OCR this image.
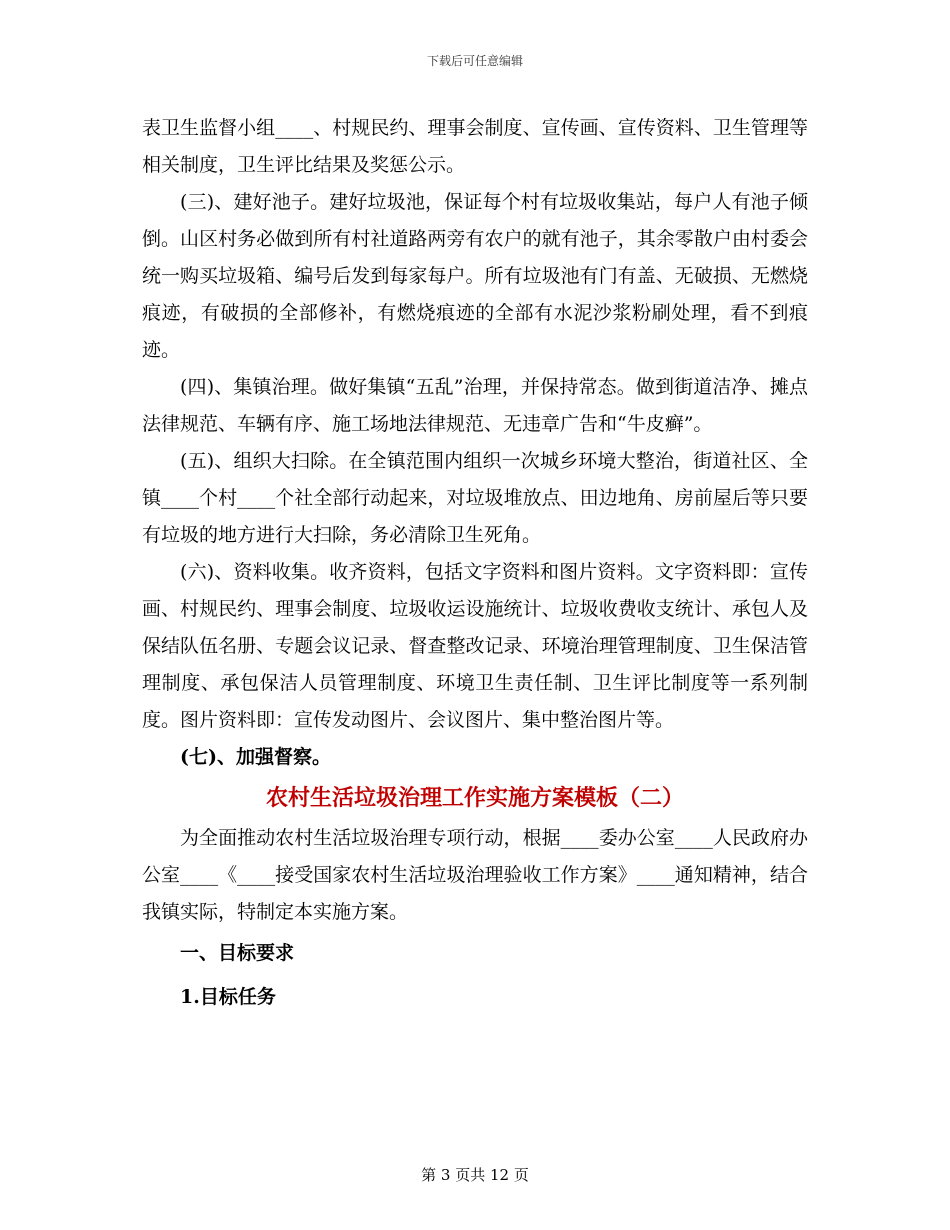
下载后可任意编辑

表卫生监督小组____、村规民约、理事会制度、宣传画、宣传资料、卫生管理等相关制度，卫生评比结果及奖惩公示。

(三)、建好池子。建好垃圾池，保证每个村有垃圾收集站，每户人有池子倾倒。山区村务必做到所有村社道路两旁有农户的就有池子，其余零散户由村委会统一购买垃圾箱、编号后发到每家每户。所有垃圾池有门有盖、无破损、无燃烧痕迹，有破损的全部修补，有燃烧痕迹的全部有水泥沙浆粉刷处理，看不到痕迹。

(四)、集镇治理。做好集镇“五乱”治理，并保持常态。做到街道洁净、摊点法律规范、车辆有序、施工场地法律规范、无违章广告和“牛皮癣”。

(五)、组织大扫除。在全镇范围内组织一次城乡环境大整治，街道社区、全镇____个村____个社全部行动起来，对垃圾堆放点、田边地角、房前屋后等只要有垃圾的地方进行大扫除，务必清除卫生死角。

(六)、资料收集。收齐资料，包括文字资料和图片资料。文字资料即：宣传画、村规民约、理事会制度、垃圾收运设施统计、垃圾收费收支统计、承包人及保结队伍名册、专题会议记录、督查整改记录、环境治理管理制度、卫生保洁管理制度、承包保洁人员管理制度、环境卫生责任制、卫生评比制度等一系列制度。图片资料即：宣传发动图片、会议图片、集中整治图片等。

(七)、加强督察。

农村生活垃圾治理工作实施方案模板（二）

为全面推动农村生活垃圾治理专项行动，根据____委办公室____人民政府办公室____《____接受国家农村生活垃圾治理验收工作方案》____通知精神，结合我镇实际，特制定本实施方案。

一、目标要求
1.目标任务
第 3 页共 12 页
